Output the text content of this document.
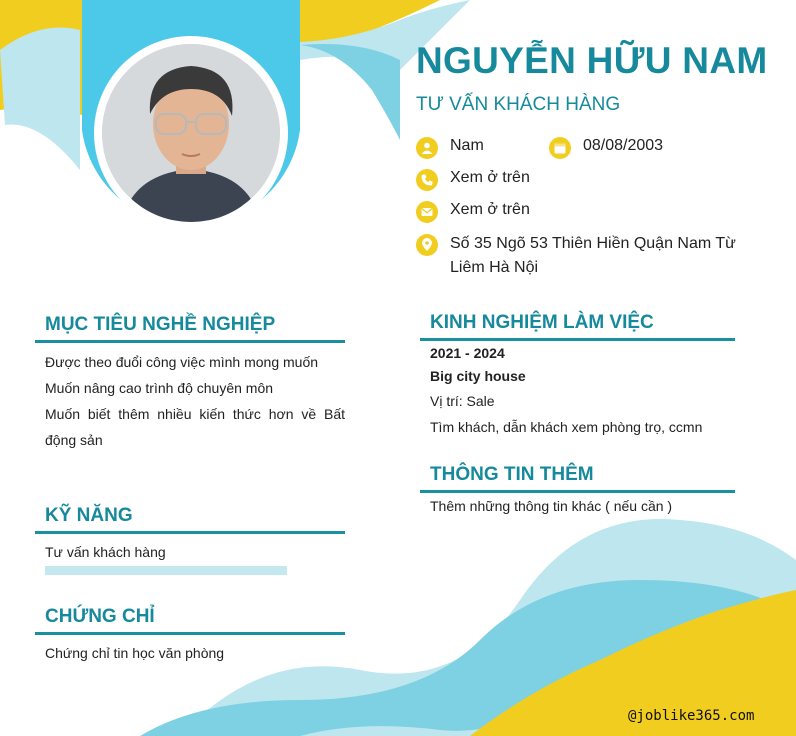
NGUYỄN HỮU NAM
TƯ VẤN KHÁCH HÀNG
Nam	08/08/2003
Xem ở trên
Xem ở trên
Số 35 Ngõ 53 Thiên Hiền Quận Nam Từ
Liêm Hà Nội
MỤC TIÊU NGHỀ NGHIỆP
Được theo đuổi công việc mình mong muốn
Muốn nâng cao trình độ chuyên môn
Muốn biết thêm nhiều kiến thức hơn về Bất động sản
KỸ NĂNG
Tư vấn khách hàng
CHỨNG CHỈ
Chứng chỉ tin học văn phòng
KINH NGHIỆM LÀM VIỆC
2021 - 2024
Big city house
Vị trí: Sale
Tìm khách, dẫn khách xem phòng trọ, ccmn
THÔNG TIN THÊM
Thêm những thông tin khác ( nếu cần )
@joblike365.com
